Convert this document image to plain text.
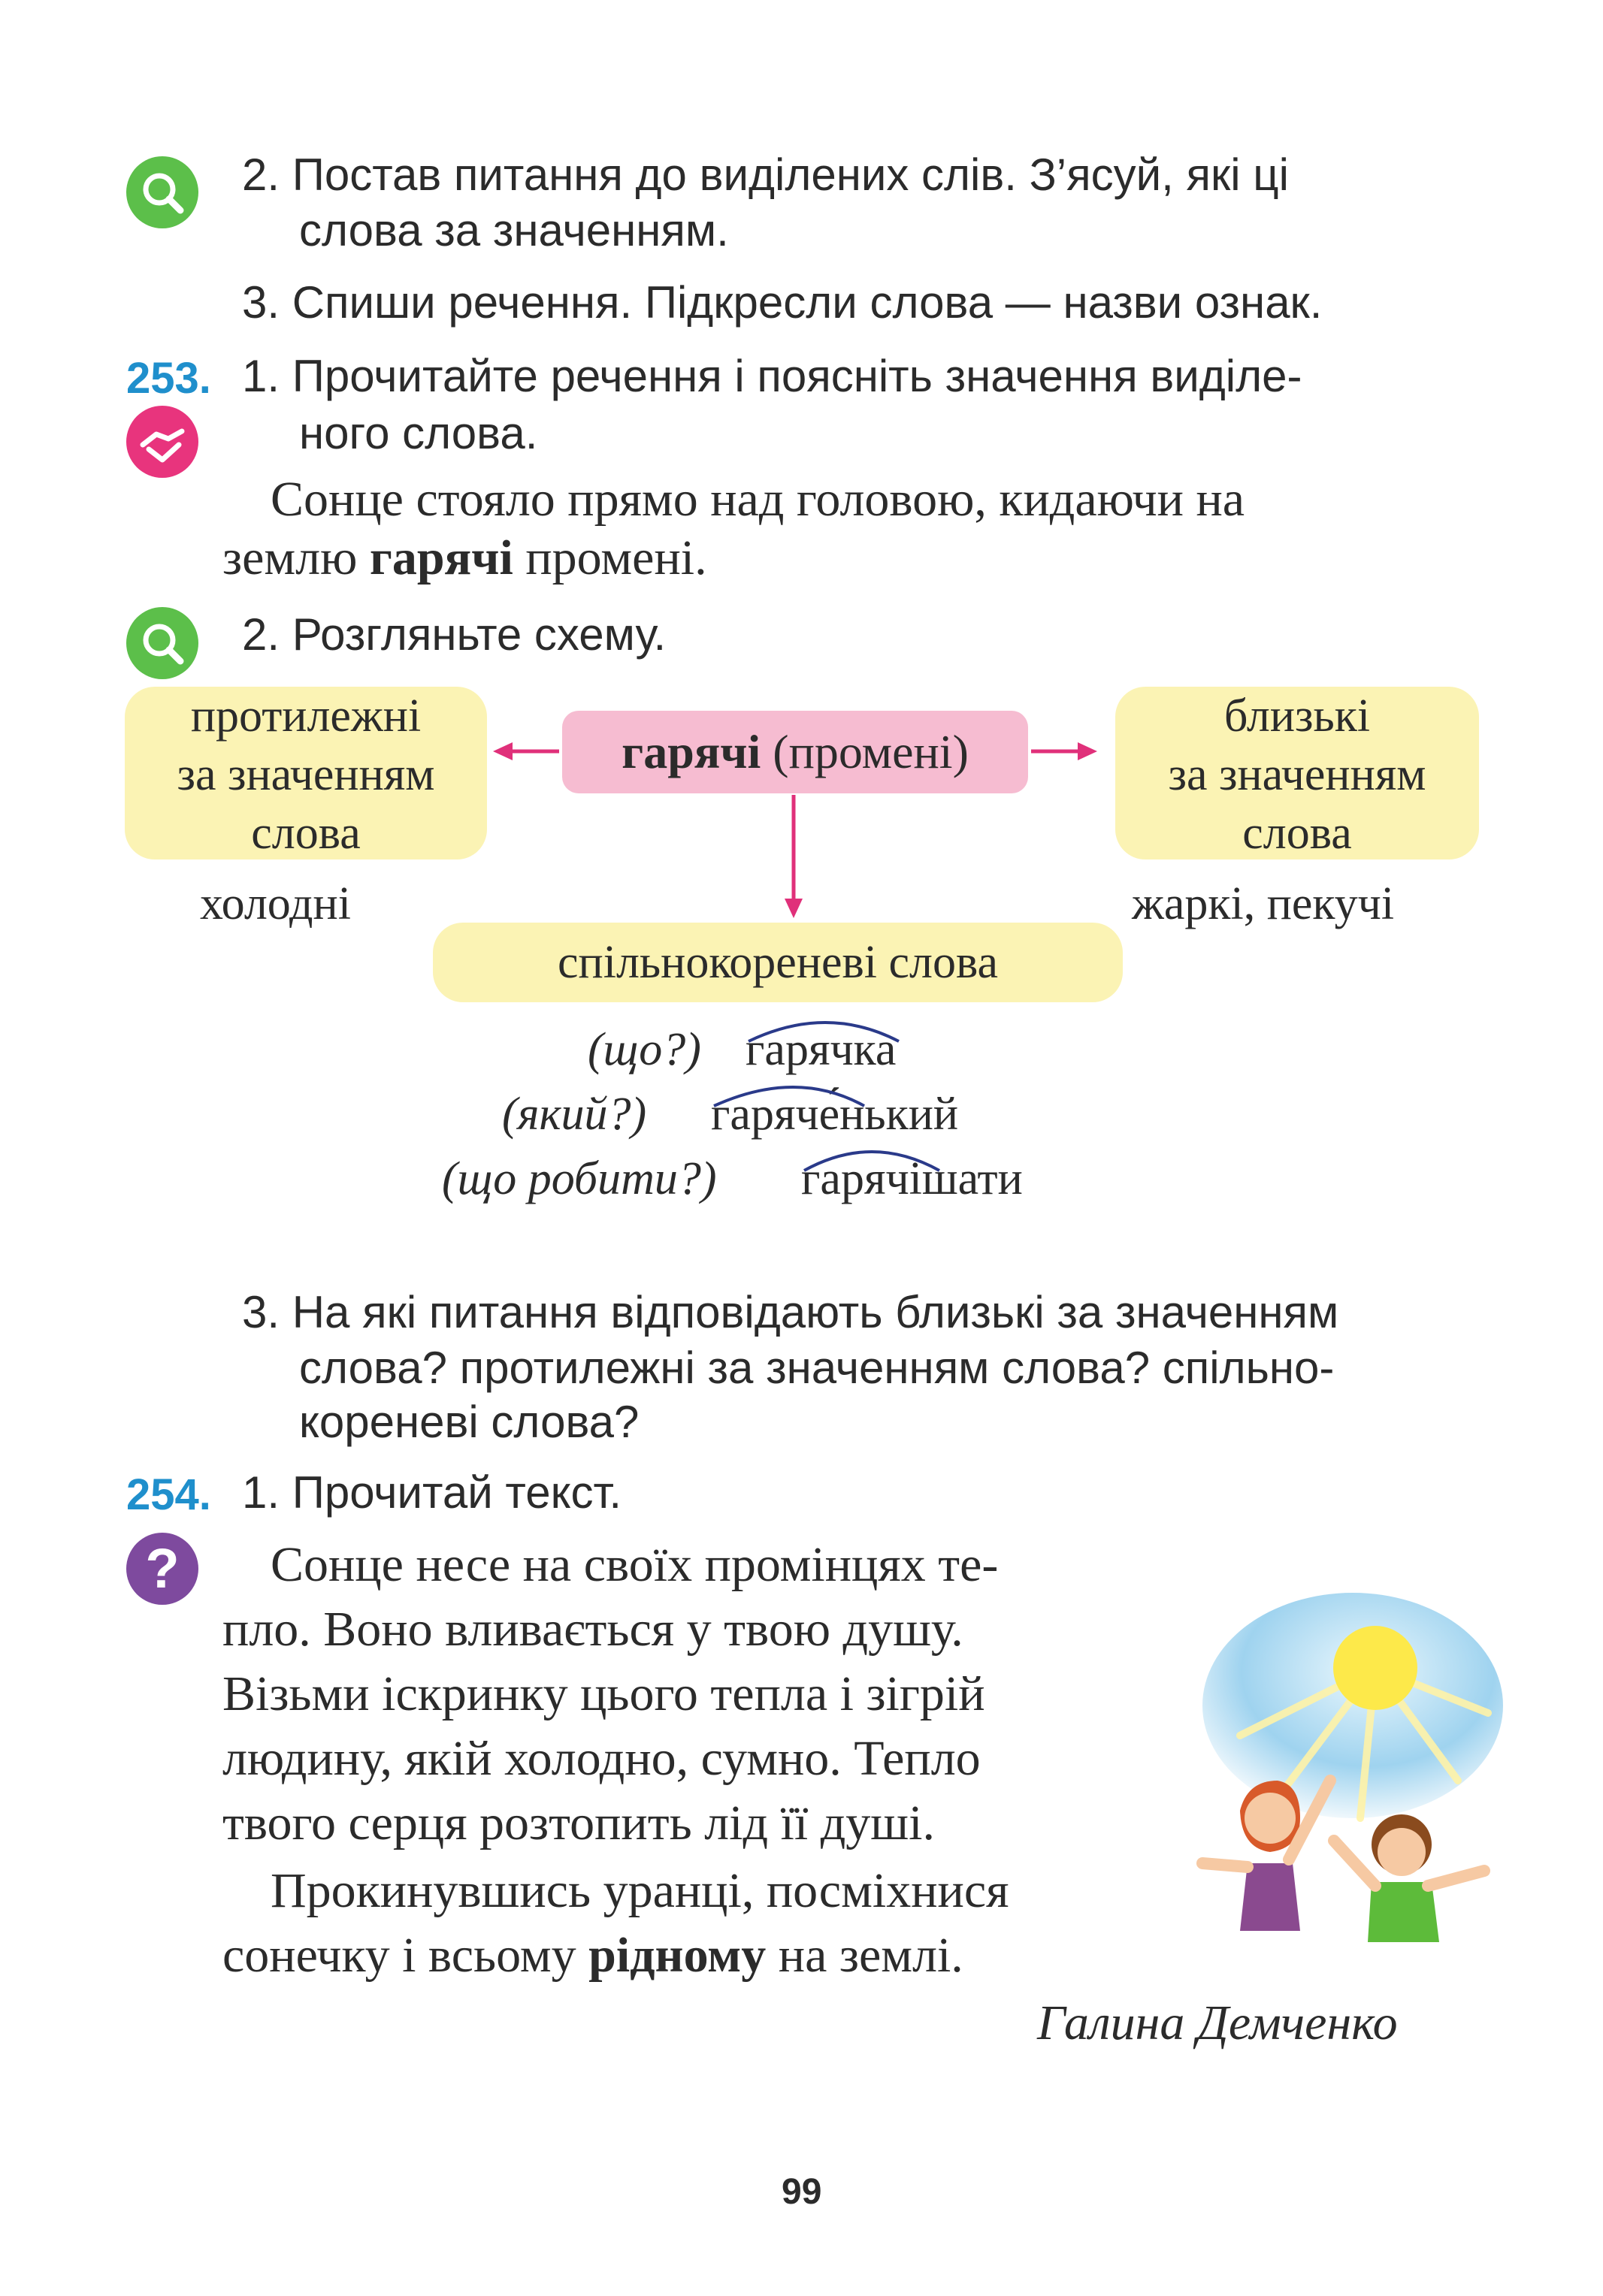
2. Постав питання до виділених слів. З’ясуй, які ці
слова за значенням.
3. Спиши речення. Підкресли слова — назви ознак.
253. 1. Прочитайте речення і поясніть значення виділе-
ного слова.
Сонце стояло прямо над головою, кидаючи на
землю гарячі промені.
2. Розгляньте схему.
протилежні
за значенням
слова
гарячі (промені)
близькі
за значенням
слова
холодні	жаркі, пекучі
спільнокореневі слова
(що?) гарячка
(який?) гаряче́нький
(що робити?) гарячішати
3. На які питання відповідають близькі за значенням
слова? протилежні за значенням слова? спільно-
кореневі слова?
254. 1. Прочитай текст.
?	Сонце несе на своїх промінцях те-
пло. Воно вливається у твою душу.
Візьми іскринку цього тепла і зігрій
людину, якій холодно, сумно. Тепло
твого серця розтопить лід її душі.
Прокинувшись уранці, посміхнися
сонечку і всьому рідному на землі.
Галина Демченко
99
